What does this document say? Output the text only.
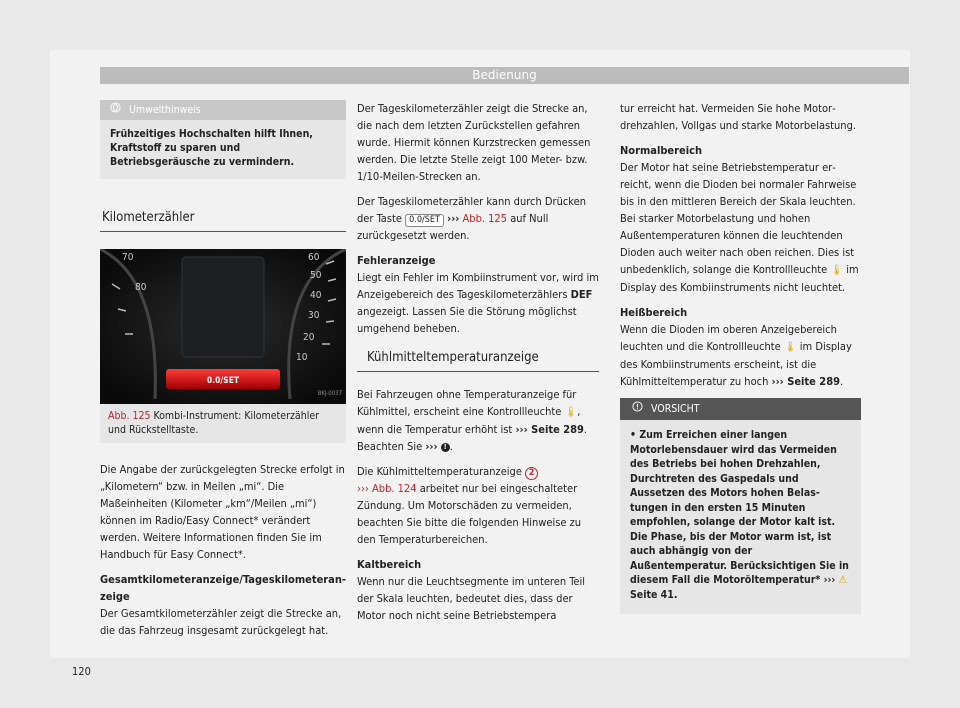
Bedienung
Umwelthinweis
Frühzeitiges Hochschalten hilft Ihnen, Kraftstoff zu sparen und Betriebsgeräusche zu vermindern.
Kilometerzähler
70
80
60
50
40
30
20
10
0.0/SET
BKJ-0037
Abb. 125 Kombi-Instrument: Kilometerzähler und Rückstelltaste.

Die Angabe der zurückgelegten Strecke erfolgt in „Kilometern“ bzw. in Meilen „mi“. Die Maßeinheiten (Kilometer „km“/Meilen „mi“) können im Radio/Easy Connect* verändert werden. Weitere Informationen finden Sie im Handbuch für Easy Connect*.

Gesamtkilometeranzeige/Tageskilometeranzeige

Der Gesamtkilometerzähler zeigt die Strecke an, die das Fahrzeug insgesamt zurückgelegt hat.

Der Tageskilometerzähler zeigt die Strecke an, die nach dem letzten Zurückstellen gefahren wurde. Hiermit können Kurzstrecken gemessen werden. Die letzte Stelle zeigt 100 Meter- bzw. 1/10-Meilen-Strecken an.

Der Tageskilometerzähler kann durch Drücken der Taste 0.0/SET ››› Abb. 125 auf Null zurückgesetzt werden.

Fehleranzeige

Liegt ein Fehler im Kombiinstrument vor, wird im Anzeigebereich des Tageskilometerzählers DEF angezeigt. Lassen Sie die Störung möglichst umgehend beheben.

Kühlmitteltemperaturanzeige

Bei Fahrzeugen ohne Temperaturanzeige für Kühlmittel, erscheint eine Kontrollleuchte 🌡, wenn die Temperatur erhöht ist ››› Seite 289. Beachten Sie ››› ! .

Die Kühlmitteltemperaturanzeige 2
››› Abb. 124 arbeitet nur bei eingeschalteter Zündung. Um Motorschäden zu vermeiden, beachten Sie bitte die folgenden Hinweise zu den Temperaturbereichen.

Kaltbereich

Wenn nur die Leuchtsegmente im unteren Teil der Skala leuchten, bedeutet dies, dass der Motor noch nicht seine Betriebstempera

tur erreicht hat. Vermeiden Sie hohe Motordrehzahlen, Vollgas und starke Motorbelastung.

Normalbereich

Der Motor hat seine Betriebstemperatur erreicht, wenn die Dioden bei normaler Fahrweise bis in den mittleren Bereich der Skala leuchten. Bei starker Motorbelastung und hohen Außentemperaturen können die leuchtenden Dioden auch weiter nach oben reichen. Dies ist unbedenklich, solange die Kontrollleuchte 🌡 im Display des Kombiinstruments nicht leuchtet.

Heißbereich

Wenn die Dioden im oberen Anzeigebereich leuchten und die Kontrollleuchte 🌡 im Display des Kombiinstruments erscheint, ist die Kühlmitteltemperatur zu hoch ››› Seite 289.

VORSICHT
• Zum Erreichen einer langen Motorlebensdauer wird das Vermeiden des Betriebs bei hohen Drehzahlen, Durchtreten des Gaspedals und Aussetzen des Motors hohen Belastungen in den ersten 15 Minuten empfohlen, solange der Motor kalt ist. Die Phase, bis der Motor warm ist, ist auch abhängig von der Außentemperatur. Berücksichtigen Sie in diesem Fall die Motoröltemperatur* ››› ⚠ Seite 41.
120
